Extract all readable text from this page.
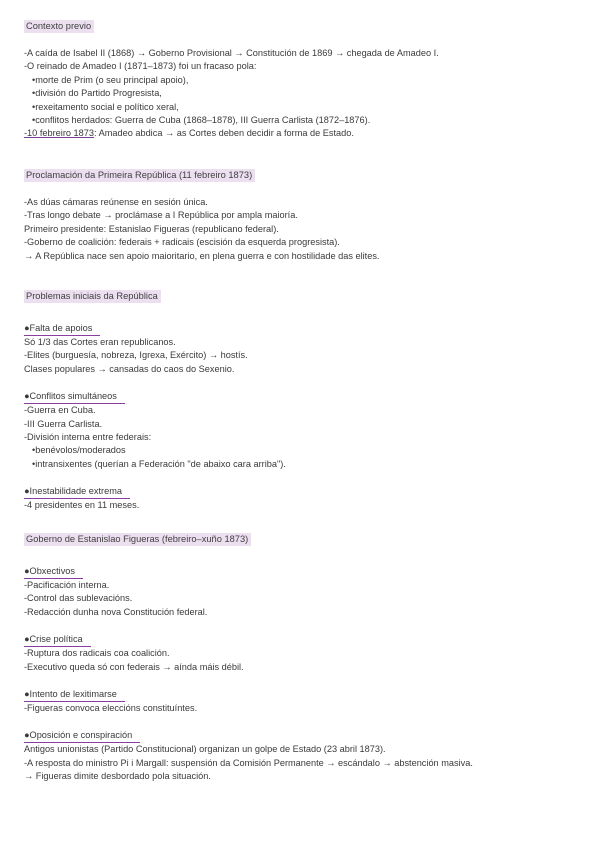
Contexto previo
-A caída de Isabel II (1868) → Goberno Provisional → Constitución de 1869 → chegada de Amadeo I.
-O reinado de Amadeo I (1871–1873) foi un fracaso pola:
•morte de Prim (o seu principal apoio),
•división do Partido Progresista,
•rexeitamento social e político xeral,
•conflitos herdados: Guerra de Cuba (1868–1878), III Guerra Carlista (1872–1876).
-10 febreiro 1873: Amadeo abdica → as Cortes deben decidir a forma de Estado.
Proclamación da Primeira República (11 febreiro 1873)
-As dúas cámaras reúnense en sesión única.
-Tras longo debate → proclámase a I República por ampla maioría.
Primeiro presidente: Estanislao Figueras (republicano federal).
-Goberno de coalición: federais + radicais (escisión da esquerda progresista).
→ A República nace sen apoio maioritario, en plena guerra e con hostilidade das elites.
Problemas iniciais da República
●Falta de apoios
Só 1/3 das Cortes eran republicanos.
-Elites (burguesía, nobreza, Igrexa, Exército) → hostís.
Clases populares → cansadas do caos do Sexenio.
●Conflitos simultáneos
-Guerra en Cuba.
-III Guerra Carlista.
-División interna entre federais:
•benévolos/moderados
•intransixentes (querían a Federación "de abaixo cara arriba").
●Inestabilidade extrema
-4 presidentes en 11 meses.
Goberno de Estanislao Figueras (febreiro–xuño 1873)
●Obxectivos
-Pacificación interna.
-Control das sublevacións.
-Redacción dunha nova Constitución federal.
●Crise política
-Ruptura dos radicais coa coalición.
-Executivo queda só con federais → aínda máis débil.
●Intento de lexitimarse
-Figueras convoca eleccións constituíntes.
●Oposición e conspiración
Antigos unionistas (Partido Constitucional) organizan un golpe de Estado (23 abril 1873).
-A resposta do ministro Pi i Margall: suspensión da Comisión Permanente → escándalo → abstención masiva.
→ Figueras dimite desbordado pola situación.
